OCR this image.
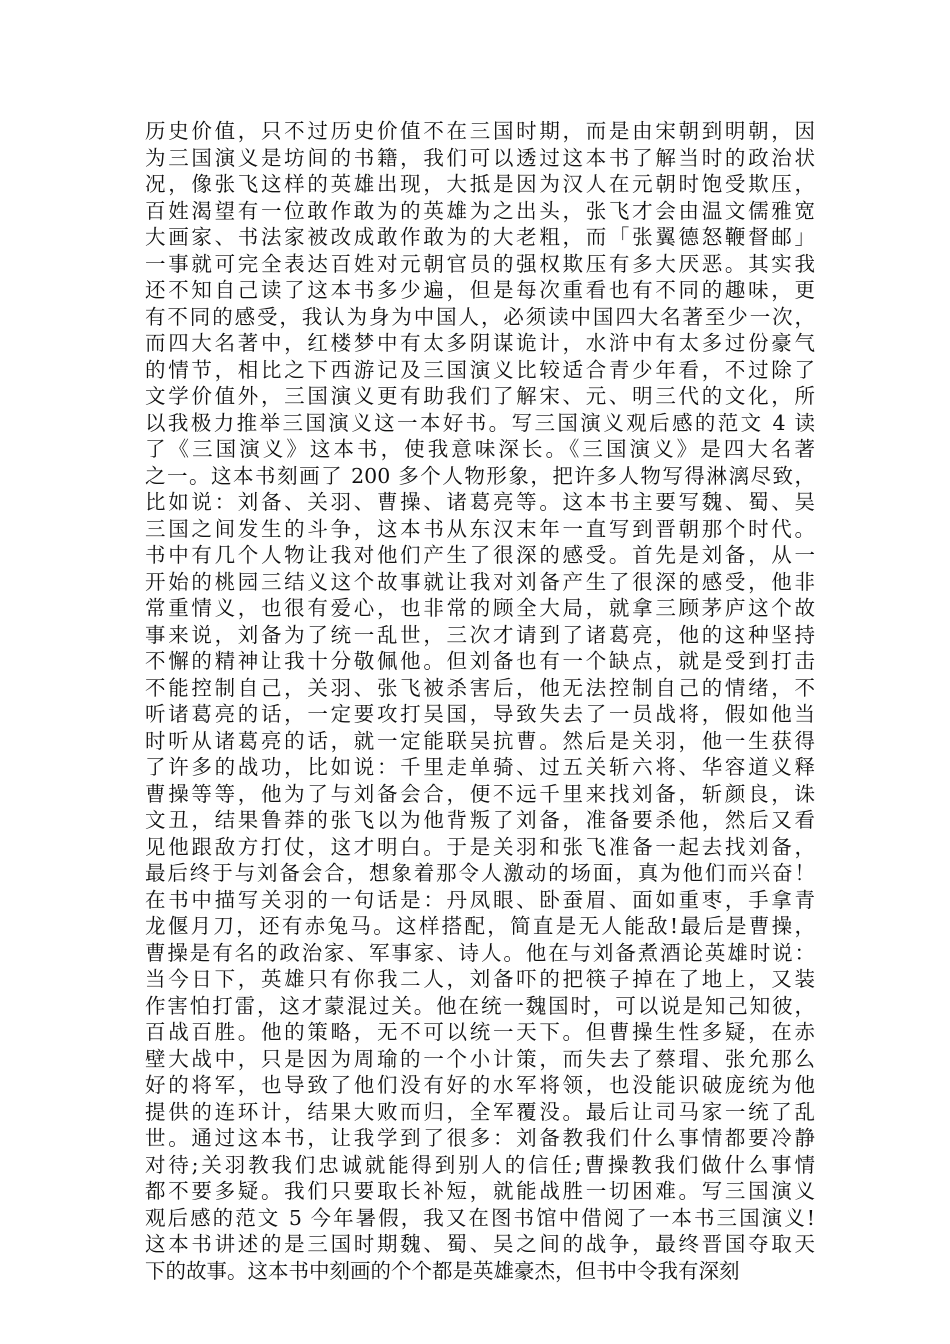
历史价值，只不过历史价值不在三国时期，而是由宋朝到明朝，因
为三国演义是坊间的书籍，我们可以透过这本书了解当时的政治状
况，像张飞这样的英雄出现，大抵是因为汉人在元朝时饱受欺压，
百姓渴望有一位敢作敢为的英雄为之出头，张飞才会由温文儒雅宽
大画家、书法家被改成敢作敢为的大老粗，而「张翼德怒鞭督邮」
一事就可完全表达百姓对元朝官员的强权欺压有多大厌恶。其实我
还不知自己读了这本书多少遍，但是每次重看也有不同的趣味，更
有不同的感受，我认为身为中国人，必须读中国四大名著至少一次，
而四大名著中，红楼梦中有太多阴谋诡计，水浒中有太多过份豪气
的情节，相比之下西游记及三国演义比较适合青少年看，不过除了
文学价值外，三国演义更有助我们了解宋、元、明三代的文化，所
以我极力推举三国演义这一本好书。写三国演义观后感的范文 4 读
了《三国演义》这本书，使我意味深长。《三国演义》是四大名著
之一。这本书刻画了 200 多个人物形象，把许多人物写得淋漓尽致，
比如说：刘备、关羽、曹操、诸葛亮等。这本书主要写魏、蜀、吴
三国之间发生的斗争，这本书从东汉末年一直写到晋朝那个时代。
书中有几个人物让我对他们产生了很深的感受。首先是刘备，从一
开始的桃园三结义这个故事就让我对刘备产生了很深的感受，他非
常重情义，也很有爱心，也非常的顾全大局，就拿三顾茅庐这个故
事来说，刘备为了统一乱世，三次才请到了诸葛亮，他的这种坚持
不懈的精神让我十分敬佩他。但刘备也有一个缺点，就是受到打击
不能控制自己，关羽、张飞被杀害后，他无法控制自己的情绪，不
听诸葛亮的话，一定要攻打吴国，导致失去了一员战将，假如他当
时听从诸葛亮的话，就一定能联吴抗曹。然后是关羽，他一生获得
了许多的战功，比如说：千里走单骑、过五关斩六将、华容道义释
曹操等等，他为了与刘备会合，便不远千里来找刘备，斩颜良，诛
文丑，结果鲁莽的张飞以为他背叛了刘备，准备要杀他，然后又看
见他跟敌方打仗，这才明白。于是关羽和张飞准备一起去找刘备，
最后终于与刘备会合，想象着那令人激动的场面，真为他们而兴奋！
在书中描写关羽的一句话是：丹凤眼、卧蚕眉、面如重枣，手拿青
龙偃月刀，还有赤兔马。这样搭配，简直是无人能敌!最后是曹操，
曹操是有名的政治家、军事家、诗人。他在与刘备煮酒论英雄时说：
当今日下，英雄只有你我二人，刘备吓的把筷子掉在了地上，又装
作害怕打雷，这才蒙混过关。他在统一魏国时，可以说是知己知彼，
百战百胜。他的策略，无不可以统一天下。但曹操生性多疑，在赤
壁大战中，只是因为周瑜的一个小计策，而失去了蔡瑁、张允那么
好的将军，也导致了他们没有好的水军将领，也没能识破庞统为他
提供的连环计，结果大败而归，全军覆没。最后让司马家一统了乱
世。通过这本书，让我学到了很多：刘备教我们什么事情都要冷静
对待;关羽教我们忠诚就能得到别人的信任;曹操教我们做什么事情
都不要多疑。我们只要取长补短，就能战胜一切困难。写三国演义
观后感的范文 5 今年暑假，我又在图书馆中借阅了一本书三国演义!
这本书讲述的是三国时期魏、蜀、吴之间的战争，最终晋国夺取天
下的故事。这本书中刻画的个个都是英雄豪杰，但书中令我有深刻
